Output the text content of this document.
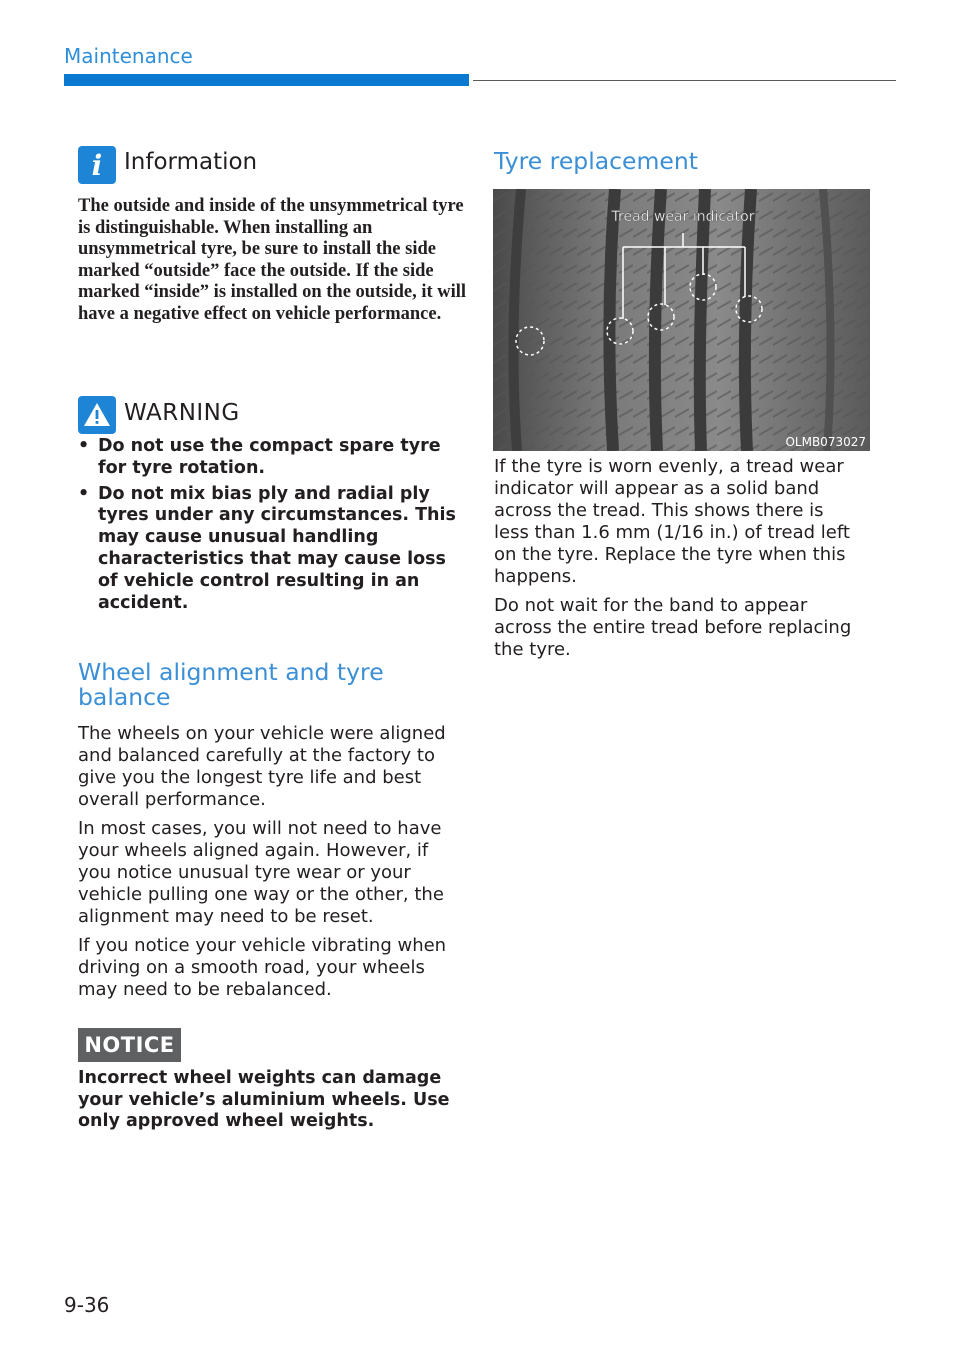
Maintenance
i Information
The outside and inside of the unsymmetrical tyre is distinguishable. When installing an unsymmetrical tyre, be sure to install the side marked “outside” face the outside. If the side marked “inside” is installed on the outside, it will have a negative effect on vehicle performance.
WARNING
• Do not use the compact spare tyre for tyre rotation.
• Do not mix bias ply and radial ply tyres under any circumstances. This may cause unusual handling characteristics that may cause loss of vehicle control resulting in an accident.
Wheel alignment and tyre balance

The wheels on your vehicle were aligned and balanced carefully at the factory to give you the longest tyre life and best overall performance.

In most cases, you will not need to have your wheels aligned again. However, if you notice unusual tyre wear or your vehicle pulling one way or the other, the alignment may need to be reset.

If you notice your vehicle vibrating when driving on a smooth road, your wheels may need to be rebalanced.

NOTICE
Incorrect wheel weights can damage your vehicle’s aluminium wheels. Use only approved wheel weights.
Tyre replacement
Tread wear indicator
OLMB073027

If the tyre is worn evenly, a tread wear indicator will appear as a solid band across the tread. This shows there is less than 1.6 mm (1/16 in.) of tread left on the tyre. Replace the tyre when this happens.

Do not wait for the band to appear across the entire tread before replacing the tyre.

9-36
